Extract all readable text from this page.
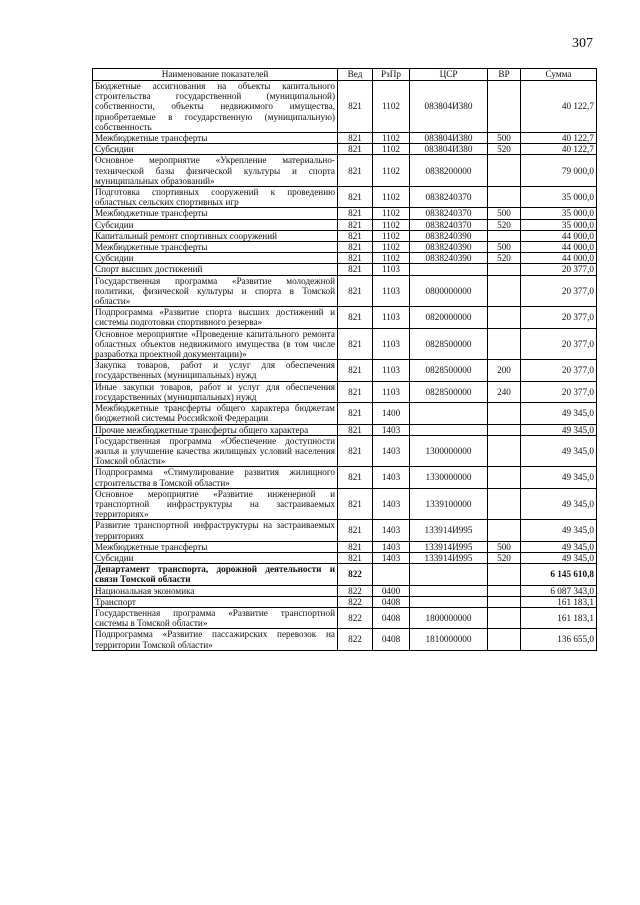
307
Наименование показателей	Вед	РзПр	ЦСР	ВР	Сумма
Бюджетные ассигнования на объекты капитального строительства государственной (муниципальной) собственности, объекты недвижимого имущества, приобретаемые в государственную (муниципальную) собственность	821	1102	083804И380		40 122,7
Межбюджетные трансферты	821	1102	083804И380	500	40 122,7
Субсидии	821	1102	083804И380	520	40 122,7
Основное мероприятие «Укрепление материально-технической базы физической культуры и спорта муниципальных образований»	821	1102	0838200000		79 000,0
Подготовка спортивных сооружений к проведению областных сельских спортивных игр	821	1102	0838240370		35 000,0
Межбюджетные трансферты	821	1102	0838240370	500	35 000,0
Субсидии	821	1102	0838240370	520	35 000,0
Капитальный ремонт спортивных сооружений	821	1102	0838240390		44 000,0
Межбюджетные трансферты	821	1102	0838240390	500	44 000,0
Субсидии	821	1102	0838240390	520	44 000,0
Спорт высших достижений	821	1103			20 377,0
Государственная программа «Развитие молодежной политики, физической культуры и спорта в Томской области»	821	1103	0800000000		20 377,0
Подпрограмма «Развитие спорта высших достижений и системы подготовки спортивного резерва»	821	1103	0820000000		20 377,0
Основное мероприятие «Проведение капитального ремонта областных объектов недвижимого имущества (в том числе разработка проектной документации)»	821	1103	0828500000		20 377,0
Закупка товаров, работ и услуг для обеспечения государственных (муниципальных) нужд	821	1103	0828500000	200	20 377,0
Иные закупки товаров, работ и услуг для обеспечения государственных (муниципальных) нужд	821	1103	0828500000	240	20 377,0
Межбюджетные трансферты общего характера бюджетам бюджетной системы Российской Федерации	821	1400			49 345,0
Прочие межбюджетные трансферты общего характера	821	1403			49 345,0
Государственная программа «Обеспечение доступности жилья и улучшение качества жилищных условий населения Томской области»	821	1403	1300000000		49 345,0
Подпрограмма «Стимулирование развития жилищного строительства в Томской области»	821	1403	1330000000		49 345,0
Основное мероприятие «Развитие инженерной и транспортной инфраструктуры на застраиваемых территориях»	821	1403	1339100000		49 345,0
Развитие транспортной инфраструктуры на застраиваемых территориях	821	1403	133914И995		49 345,0
Межбюджетные трансферты	821	1403	133914И995	500	49 345,0
Субсидии	821	1403	133914И995	520	49 345,0
Департамент транспорта, дорожной деятельности и связи Томской области	822				6 145 610,8
Национальная экономика	822	0400			6 087 343,0
Транспорт	822	0408			161 183,1
Государственная программа «Развитие транспортной системы в Томской области»	822	0408	1800000000		161 183,1
Подпрограмма «Развитие пассажирских перевозок на территории Томской области»	822	0408	1810000000		136 655,0
